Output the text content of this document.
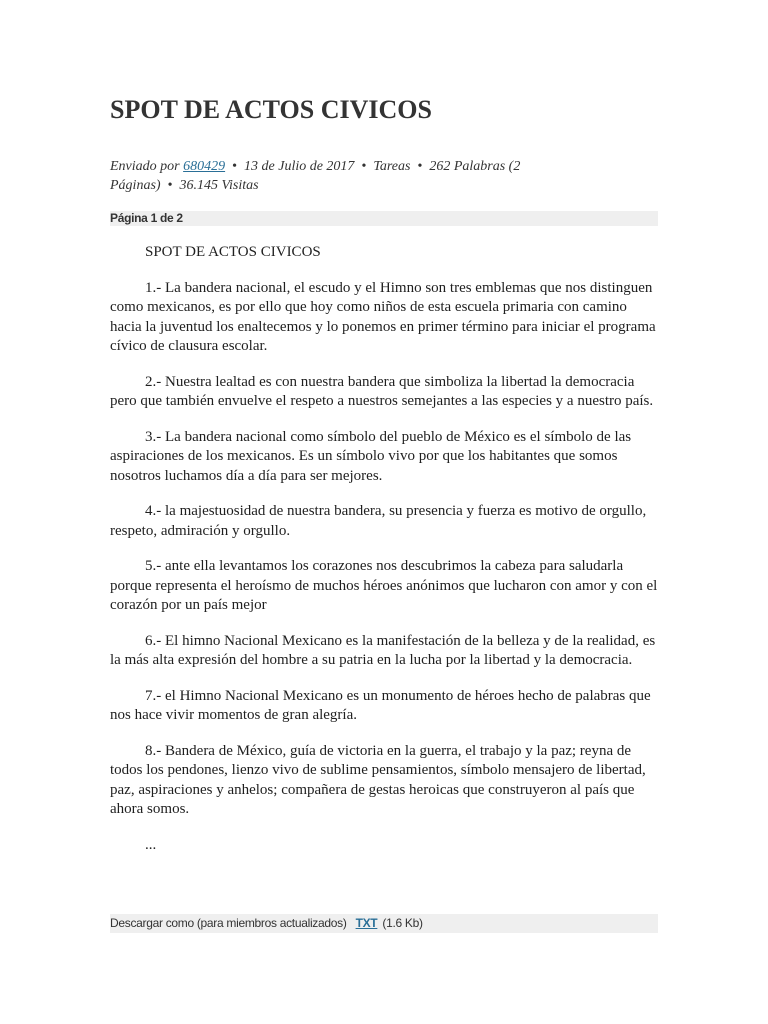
SPOT DE ACTOS CIVICOS
Enviado por 680429 • 13 de Julio de 2017 • Tareas • 262 Palabras (2 Páginas) • 36.145 Visitas
Página 1 de 2

SPOT DE ACTOS CIVICOS

1.- La bandera nacional, el escudo y el Himno son tres emblemas que nos distinguen como mexicanos, es por ello que hoy como niños de esta escuela primaria con camino hacia la juventud los enaltecemos y lo ponemos en primer término para iniciar el programa cívico de clausura escolar.

2.- Nuestra lealtad es con nuestra bandera que simboliza la libertad la democracia pero que también envuelve el respeto a nuestros semejantes a las especies y a nuestro país.

3.- La bandera nacional como símbolo del pueblo de México es el símbolo de las aspiraciones de los mexicanos. Es un símbolo vivo por que los habitantes que somos nosotros luchamos día a día para ser mejores.

4.- la majestuosidad de nuestra bandera, su presencia y fuerza es motivo de orgullo, respeto, admiración y orgullo.

5.- ante ella levantamos los corazones nos descubrimos la cabeza para saludarla porque representa el heroísmo de muchos héroes anónimos que lucharon con amor y con el corazón por un país mejor

6.- El himno Nacional Mexicano es la manifestación de la belleza y de la realidad, es la más alta expresión del hombre a su patria en la lucha por la libertad y la democracia.

7.- el Himno Nacional Mexicano es un monumento de héroes hecho de palabras que nos hace vivir momentos de gran alegría.

8.- Bandera de México, guía de victoria en la guerra, el trabajo y la paz; reyna de todos los pendones, lienzo vivo de sublime pensamientos, símbolo mensajero de libertad, paz, aspiraciones y anhelos; compañera de gestas heroicas que construyeron al país que ahora somos.

...

Descargar como (para miembros actualizados) TXT (1.6 Kb)
